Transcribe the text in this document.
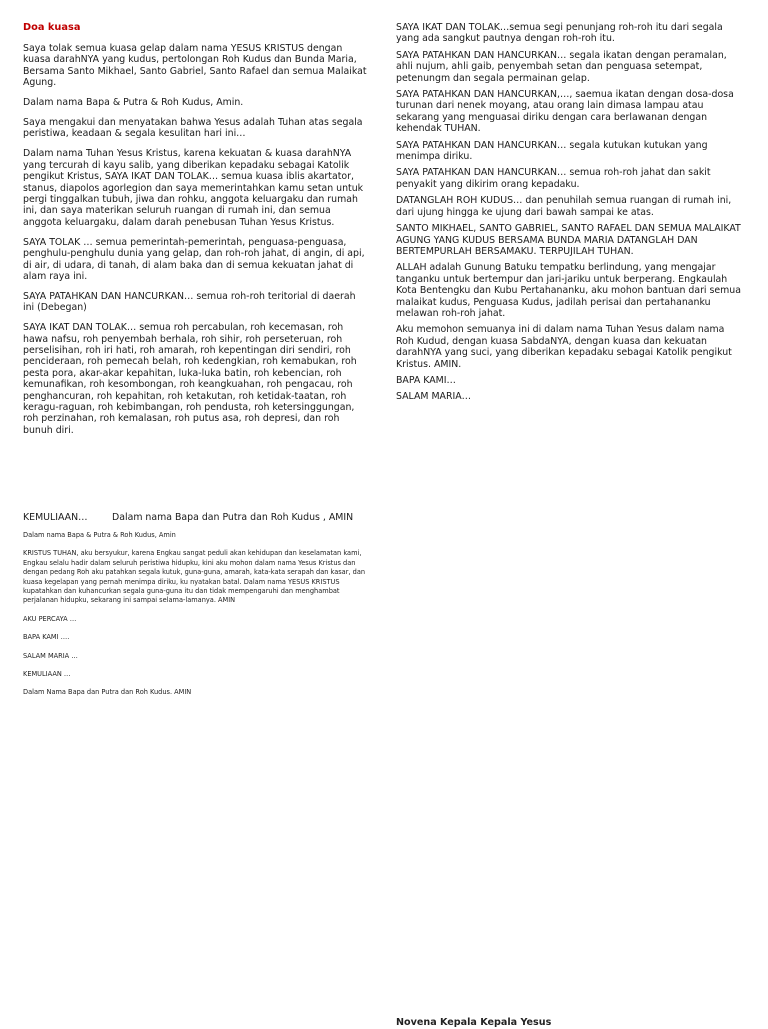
Doa kuasa

Saya tolak semua kuasa gelap dalam nama YESUS KRISTUS dengan kuasa darahNYA yang kudus, pertolongan Roh Kudus dan Bunda Maria, Bersama Santo Mikhael, Santo Gabriel, Santo Rafael dan semua Malaikat Agung.

Dalam nama Bapa & Putra & Roh Kudus, Amin.

Saya mengakui dan menyatakan bahwa Yesus adalah Tuhan atas segala peristiwa, keadaan & segala kesulitan hari ini…

Dalam nama Tuhan Yesus Kristus, karena kekuatan & kuasa darahNYA yang tercurah di kayu salib, yang diberikan kepadaku sebagai Katolik pengikut Kristus, SAYA IKAT DAN TOLAK… semua kuasa iblis akartator, stanus, diapolos agorlegion dan saya memerintahkan kamu setan untuk pergi tinggalkan tubuh, jiwa dan rohku, anggota keluargaku dan rumah ini, dan saya materikan seluruh ruangan di rumah ini, dan semua anggota keluargaku, dalam darah penebusan Tuhan Yesus Kristus.

SAYA TOLAK … semua pemerintah-pemerintah, penguasa-penguasa, penghulu-penghulu dunia yang gelap, dan roh-roh jahat, di angin, di api, di air, di udara, di tanah, di alam baka dan di semua kekuatan jahat di alam raya ini.

SAYA PATAHKAN DAN HANCURKAN… semua roh-roh teritorial di daerah ini (Debegan)

SAYA IKAT DAN TOLAK… semua roh percabulan, roh kecemasan, roh hawa nafsu, roh penyembah berhala, roh sihir, roh perseteruan, roh perselisihan, roh iri hati, roh amarah, roh kepentingan diri sendiri, roh pencideraan, roh pemecah belah, roh kedengkian, roh kemabukan, roh pesta pora, akar-akar kepahitan, luka-luka batin, roh kebencian, roh kemunafikan, roh kesombongan, roh keangkuahan, roh pengacau, roh penghancuran, roh kepahitan, roh ketakutan, roh ketidak-taatan, roh keragu-raguan, roh kebimbangan, roh pendusta, roh ketersinggungan, roh perzinahan, roh kemalasan, roh putus asa, roh depresi, dan roh bunuh diri.

SAYA IKAT DAN TOLAK…semua segi penunjang roh-roh itu dari segala yang ada sangkut pautnya dengan roh-roh itu.

SAYA PATAHKAN DAN HANCURKAN… segala ikatan dengan peramalan, ahli nujum, ahli gaib, penyembah setan dan penguasa setempat, petenungm dan segala permainan gelap.

SAYA PATAHKAN DAN HANCURKAN,…, saemua ikatan dengan dosa-dosa turunan dari nenek moyang, atau orang lain dimasa lampau atau sekarang yang menguasai diriku dengan cara berlawanan dengan kehendak TUHAN.

SAYA PATAHKAN DAN HANCURKAN… segala kutukan kutukan yang menimpa diriku.

SAYA PATAHKAN DAN HANCURKAN… semua roh-roh jahat dan sakit penyakit yang dikirim orang kepadaku.

DATANGLAH ROH KUDUS… dan penuhilah semua ruangan di rumah ini, dari ujung hingga ke ujung dari bawah sampai ke atas.

SANTO MIKHAEL, SANTO GABRIEL, SANTO RAFAEL DAN SEMUA MALAIKAT AGUNG YANG KUDUS BERSAMA BUNDA MARIA DATANGLAH DAN BERTEMPURLAH BERSAMAKU. TERPUJILAH TUHAN.

ALLAH adalah Gunung Batuku tempatku berlindung, yang mengajar tanganku untuk bertempur dan jari-jariku untuk berperang. Engkaulah Kota Bentengku dan Kubu Pertahananku, aku mohon bantuan dari semua malaikat kudus, Penguasa Kudus, jadilah perisai dan pertahananku melawan roh-roh jahat.

Aku memohon semuanya ini di dalam nama Tuhan Yesus dalam nama Roh Kudud, dengan kuasa SabdaNYA, dengan kuasa dan kekuatan darahNYA yang suci, yang diberikan kepadaku sebagai Katolik pengikut Kristus. AMIN.

BAPA KAMI…

SALAM MARIA…

KEMULIAAN…	Dalam nama Bapa dan Putra dan Roh Kudus , AMIN

Dalam nama Bapa & Putra & Roh Kudus, Amin

KRISTUS TUHAN, aku bersyukur, karena Engkau sangat peduli akan kehidupan dan keselamatan kami, Engkau selalu hadir dalam seluruh peristiwa hidupku, kini aku mohon dalam nama Yesus Kristus dan dengan pedang Roh aku patahkan segala kutuk, guna-guna, amarah, kata-kata serapah dan kasar, dan kuasa kegelapan yang pernah menimpa diriku, ku nyatakan batal. Dalam nama YESUS KRISTUS kupatahkan dan kuhancurkan segala guna-guna itu dan tidak mempengaruhi dan menghambat perjalanan hidupku, sekarang ini sampai selama-lamanya. AMIN

AKU PERCAYA …

BAPA KAMI ….

SALAM MARIA …

KEMULIAAN …

Dalam Nama Bapa dan Putra dan Roh Kudus. AMIN

Novena Kepala Kepala Yesus
